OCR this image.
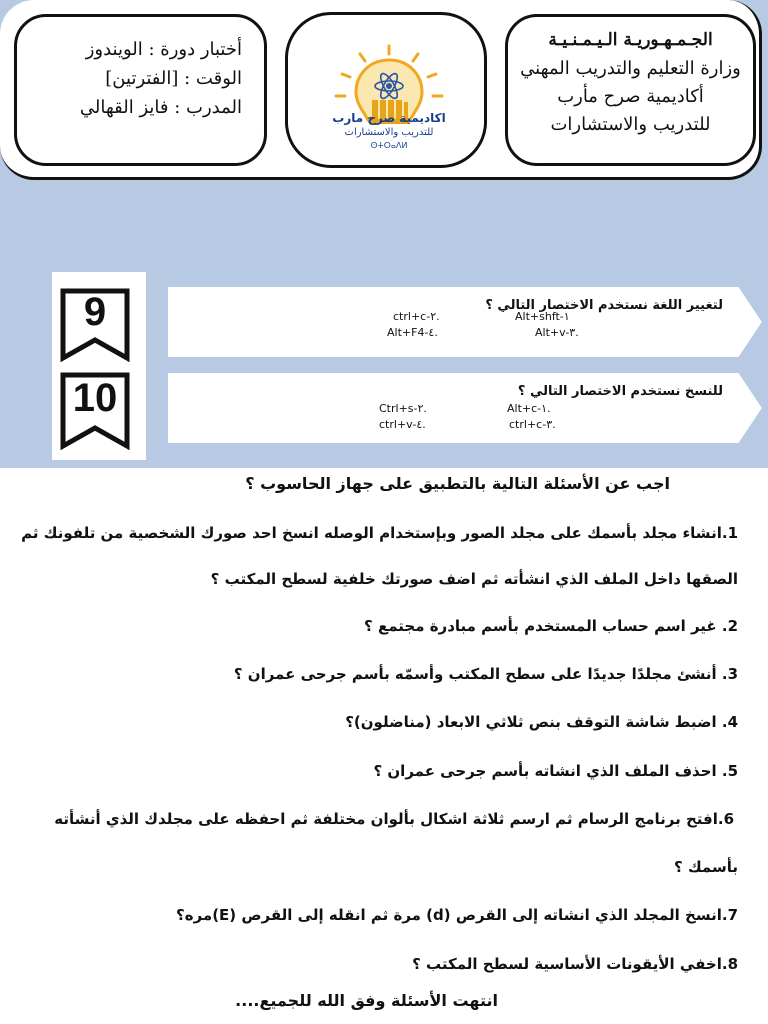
الجـمـهـوريـة الـيـمـنـيـة
وزارة التعليم والتدريب المهني
أكاديمية صرح مأرب
للتدريب والاستشارات
اكاديمية صرح مارب
للتدريب والاستشارات
ⵙⵜⵔⴰⴷⵍ
أختبار دورة : الويندوز
الوقت : [الفترتين]
المدرب : فايز القهالي
9
10
لتغيير اللغة نستخدم الاختصار التالي ؟
Alt+shft-١
ctrl+c-٢.
Alt+v-٣.
Alt+F4-٤.
للنسخ نستخدم الاختصار التالي ؟
Alt+c-١.
Ctrl+s-٢.
ctrl+c-٣.
ctrl+v-٤.
اجب عن الأسئلة التالية بالتطبيق على جهاز الحاسوب ؟
1.انشاء مجلد بأسمك على مجلد الصور وبإستخدام الوصله انسخ احد صورك الشخصية من تلفونك ثم
الصقها داخل الملف الذي انشأته ثم اضف صورتك خلفية لسطح المكتب ؟
2. غير اسم حساب المستخدم بأسم مبادرة مجتمع ؟
3. أنشئ مجلدًا جديدًا على سطح المكتب وأسمّه بأسم جرحى عمران ؟
4. اضبط شاشة التوقف بنص ثلاثي الابعاد (مناضلون)؟
5. احذف الملف الذي انشاته بأسم جرحى عمران ؟
6.افتح برنامج الرسام ثم ارسم ثلاثة اشكال بألوان مختلفة ثم احفظه على مجلدك الذي أنشأته
بأسمك ؟
7.انسخ المجلد الذي انشاته إلى القرص (d) مرة ثم انقله إلى القرص (E)مره؟
8.اخفي الأيقونات الأساسية لسطح المكتب ؟
انتهت الأسئلة وفق الله للجميع....
